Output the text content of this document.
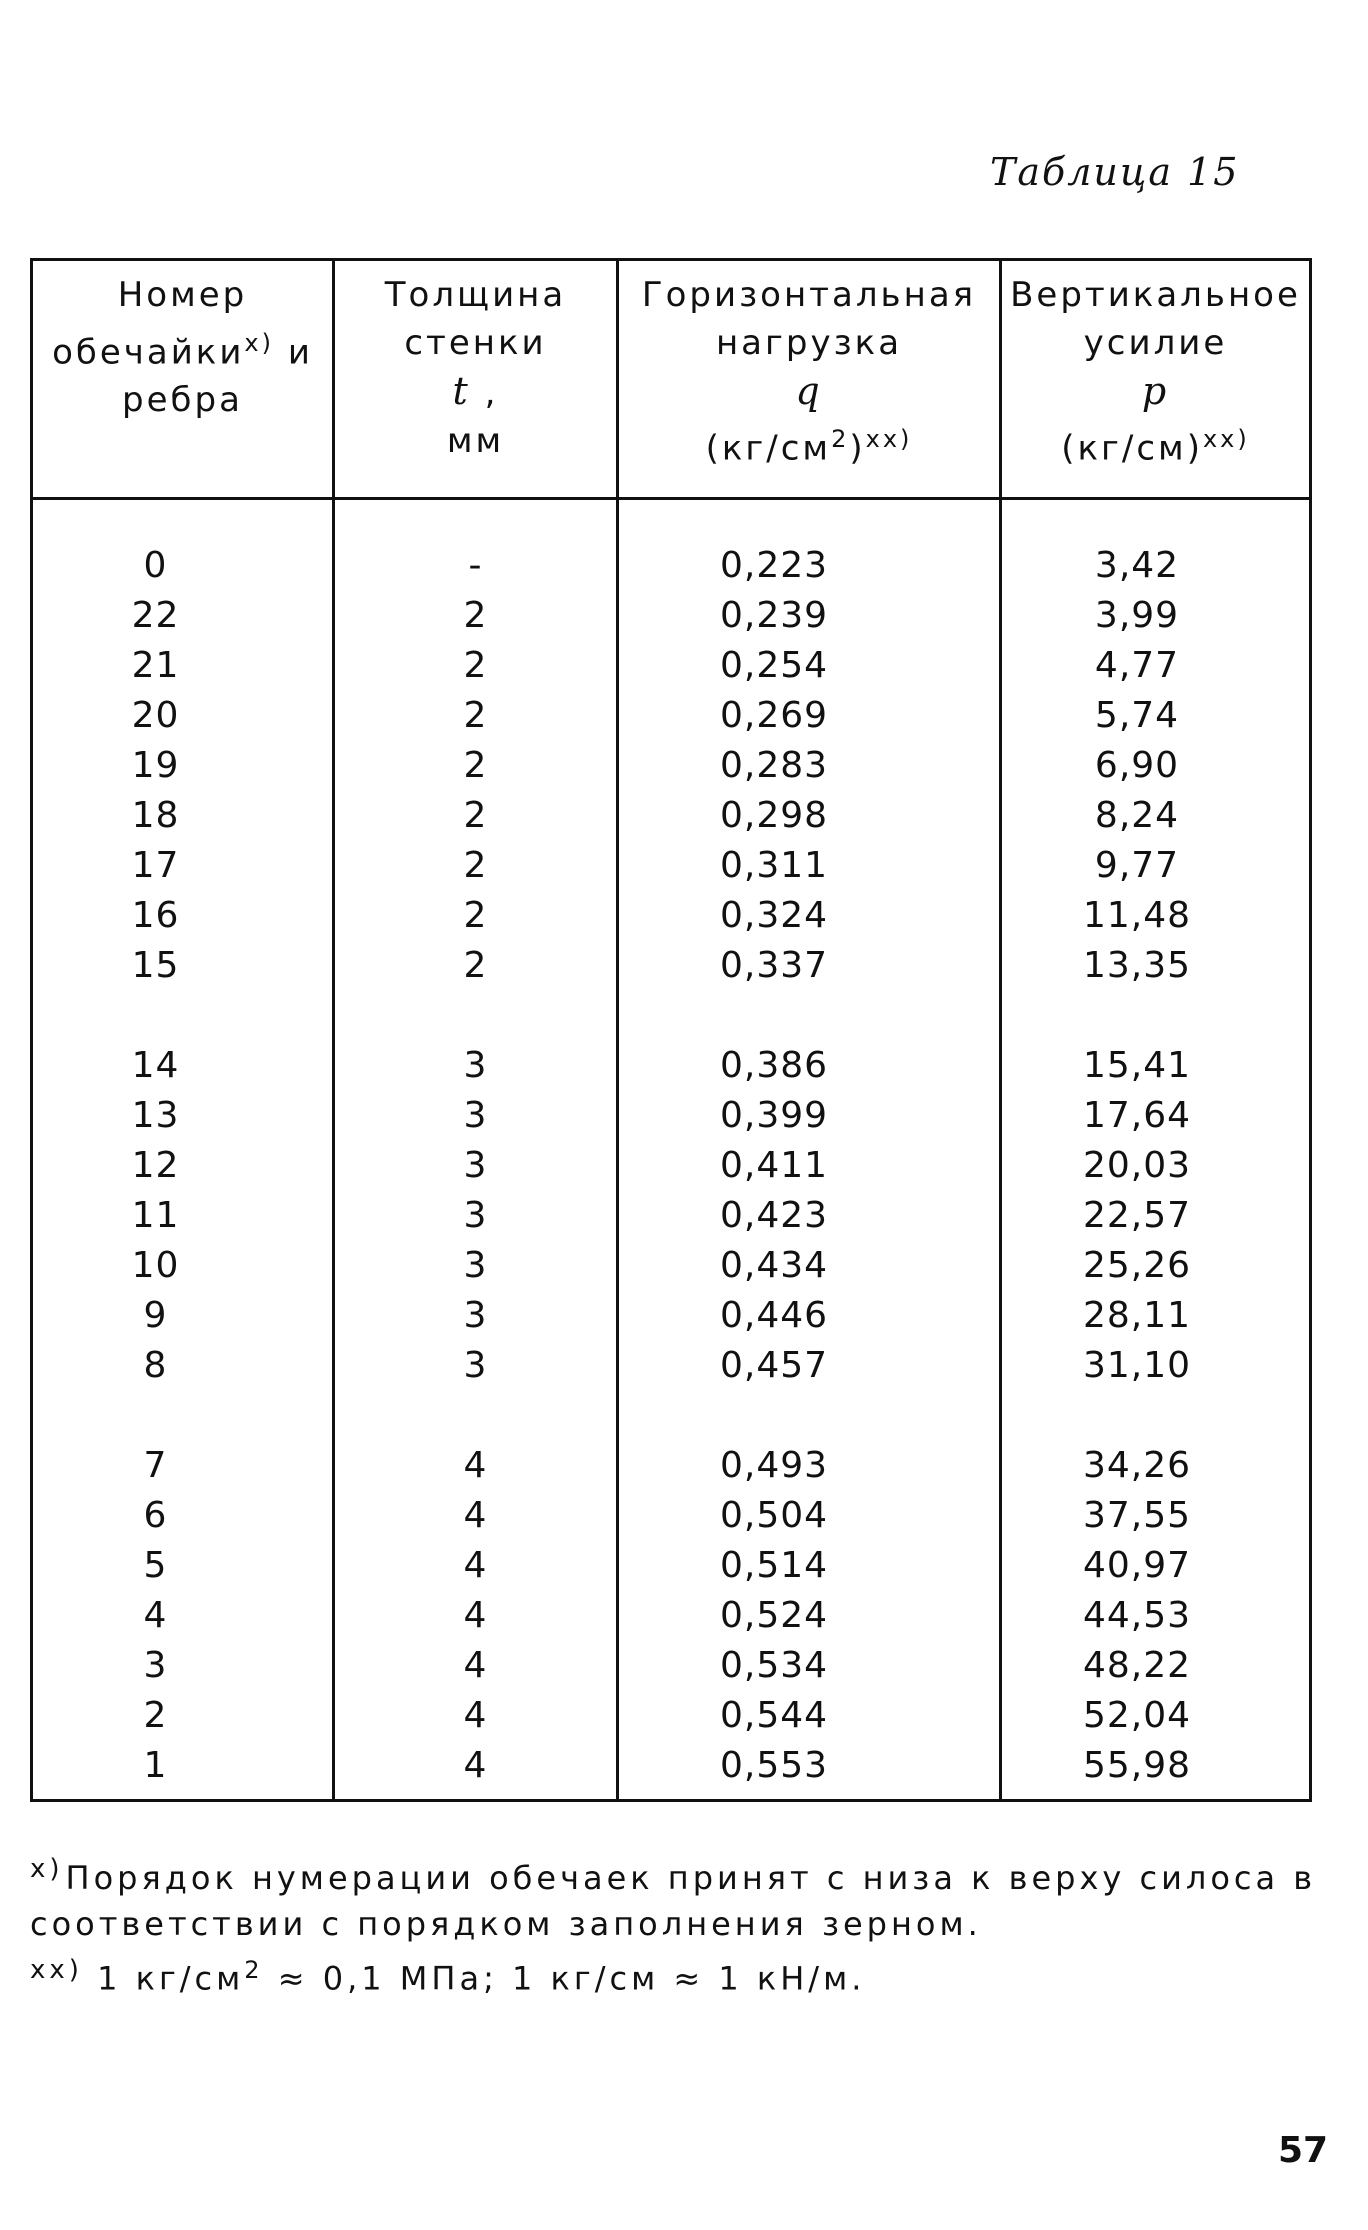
Таблица 15
Номер
обечайки$^{x)}$ и
ребра
Толщина
стенки
t ,
мм
Горизонтальная
нагрузка
q
$(кг/см^2)^{xx)}$
Вертикальное
усилие
p
$(кг/см)^{xx)}$
0
22
21
20
19
18
17
16
15
14
13
12
11
10
9
8
7
6
5
4
3
2
1
-
2
2
2
2
2
2
2
2
3
3
3
3
3
3
3
4
4
4
4
4
4
4
0,223
0,239
0,254
0,269
0,283
0,298
0,311
0,324
0,337
0,386
0,399
0,411
0,423
0,434
0,446
0,457
0,493
0,504
0,514
0,524
0,534
0,544
0,553
3,42
3,99
4,77
5,74
6,90
8,24
9,77
11,48
13,35
15,41
17,64
20,03
22,57
25,26
28,11
31,10
34,26
37,55
40,97
44,53
48,22
52,04
55,98

$^{x)}$Порядок нумерации обечаек принят с низа к верху силоса в соответствии с порядком заполнения зерном.

$^{xx)}$ 1 $кг/см^2 \approx 0,1$ МПа; 1 кг/см ≈ 1 кН/м.

57
